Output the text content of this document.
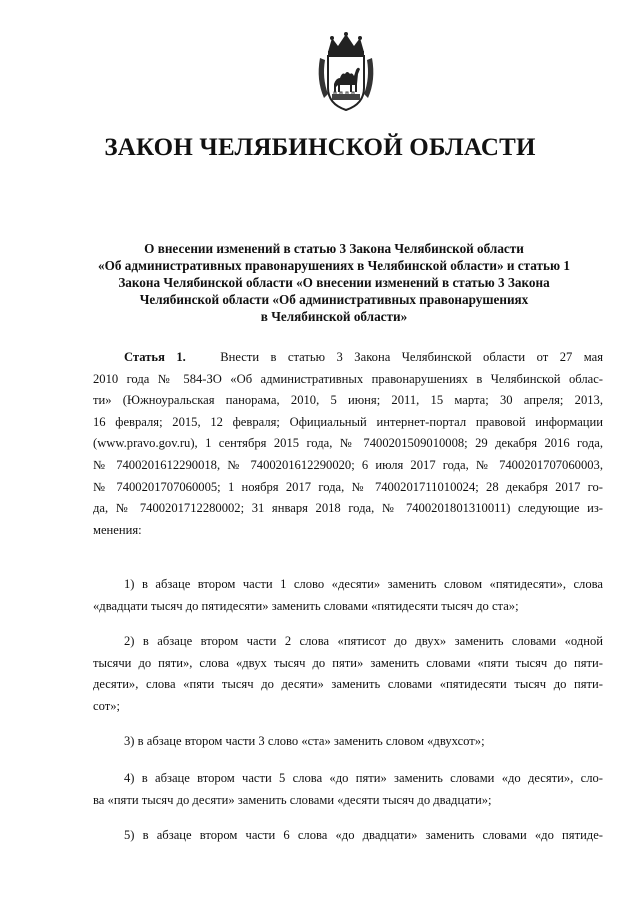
ЗАКОН ЧЕЛЯБИНСКОЙ ОБЛАСТИ
О внесении изменений в статью 3 Закона Челябинской области
«Об административных правонарушениях в Челябинской области» и статью 1
Закона Челябинской области «О внесении изменений в статью 3 Закона
Челябинской области «Об административных правонарушениях
в Челябинской области»
Статья 1.	Внести в статью 3 Закона Челябинской области от 27 мая
2010 года № 584-ЗО «Об административных правонарушениях в Челябинской облас-
ти» (Южноуральская панорама, 2010, 5 июня; 2011, 15 марта; 30 апреля; 2013,
16 февраля; 2015, 12 февраля; Официальный интернет-портал правовой информации
(www.pravo.gov.ru), 1 сентября 2015 года, № 7400201509010008; 29 декабря 2016 года,
№ 7400201612290018, № 7400201612290020; 6 июля 2017 года, № 7400201707060003,
№ 7400201707060005; 1 ноября 2017 года, № 7400201711010024; 28 декабря 2017 го-
да, № 7400201712280002; 31 января 2018 года, № 7400201801310011) следующие из-
менения:
1) в абзаце втором части 1 слово «десяти» заменить словом «пятидесяти», слова
«двадцати тысяч до пятидесяти» заменить словами «пятидесяти тысяч до ста»;
2) в абзаце втором части 2 слова «пятисот до двух» заменить словами «одной
тысячи до пяти», слова «двух тысяч до пяти» заменить словами «пяти тысяч до пяти-
десяти», слова «пяти тысяч до десяти» заменить словами «пятидесяти тысяч до пяти-
сот»;
3) в абзаце втором части 3 слово «ста» заменить словом «двухсот»;
4) в абзаце втором части 5 слова «до пяти» заменить словами «до десяти», сло-
ва «пяти тысяч до десяти» заменить словами «десяти тысяч до двадцати»;
5) в абзаце втором части 6 слова «до двадцати» заменить словами «до пятиде-
